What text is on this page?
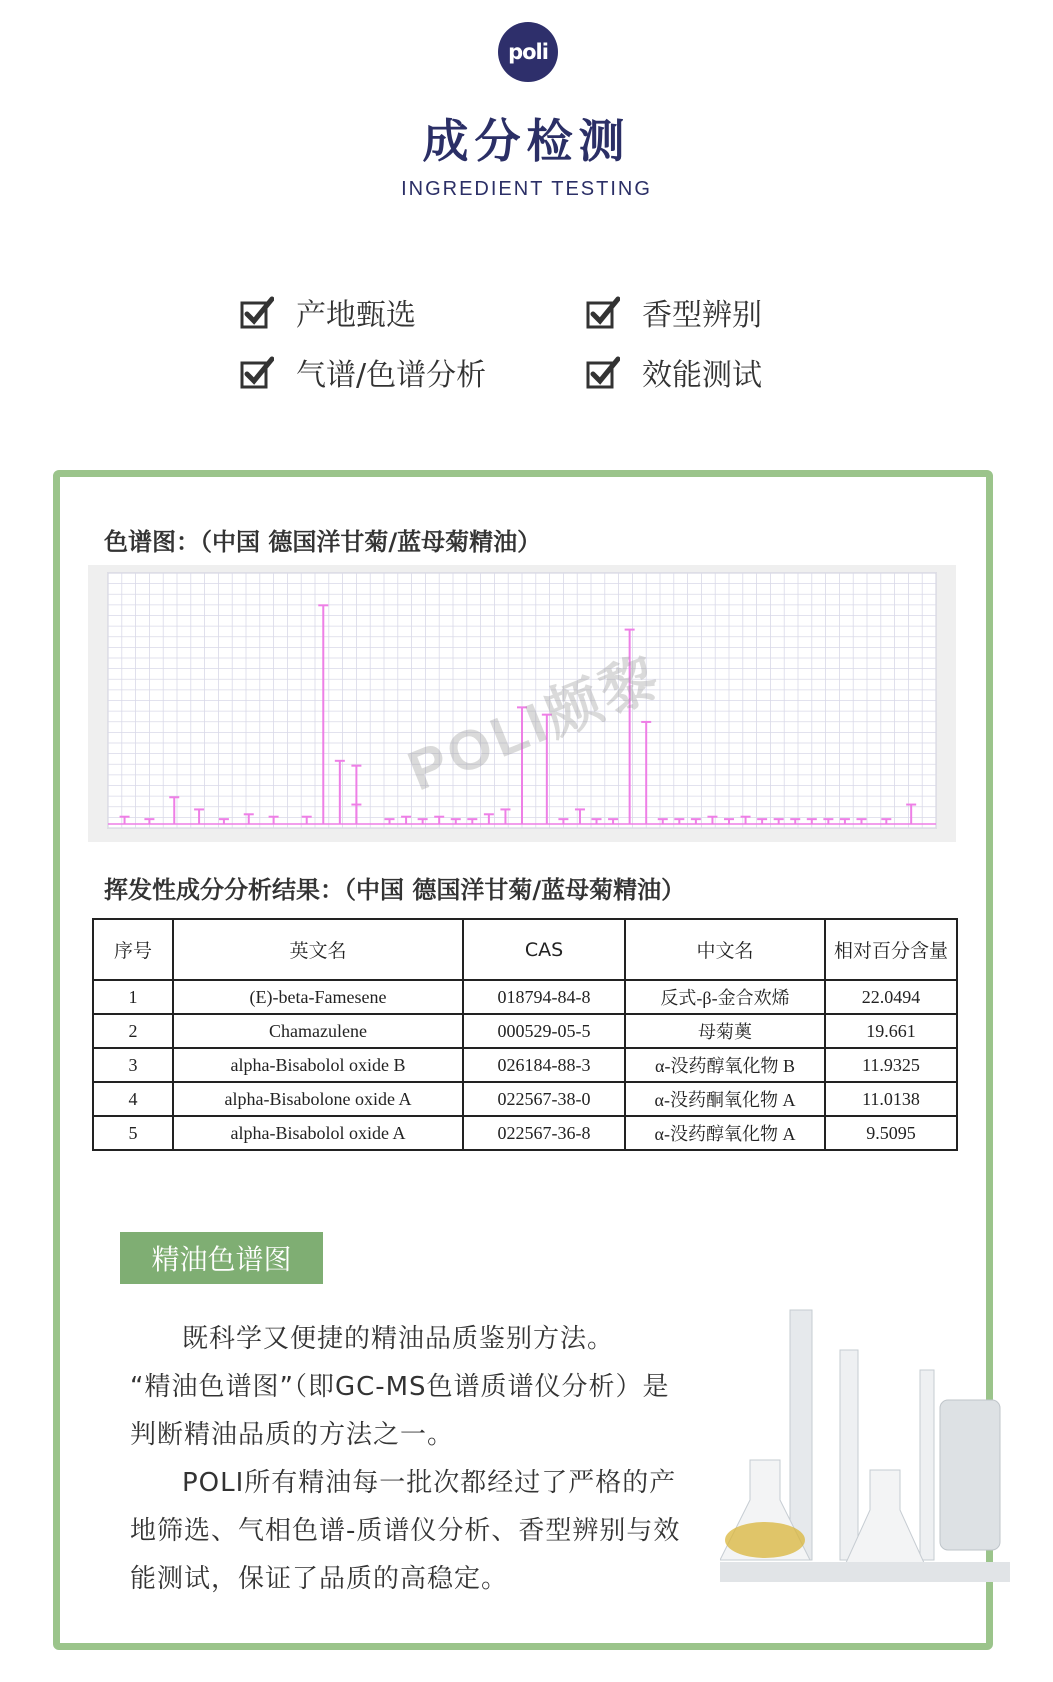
poli
成分检测
INGREDIENT TESTING
产地甄选	香型辨别
气谱/色谱分析	效能测试
色谱图：（中国 德国洋甘菊/蓝母菊精油）
POLI颇黎
挥发性成分分析结果：（中国 德国洋甘菊/蓝母菊精油）
序号	英文名	CAS	中文名	相对百分含量
1	(E)-beta-Famesene	018794-84-8	反式-β-金合欢烯	22.0494
2	Chamazulene	000529-05-5	母菊薁	19.661
3	alpha-Bisabolol oxide B	026184-88-3	α-没药醇氧化物 B	11.9325
4	alpha-Bisabolone oxide A	022567-38-0	α-没药酮氧化物 A	11.0138
5	alpha-Bisabolol oxide A	022567-36-8	α-没药醇氧化物 A	9.5095
精油色谱图

既科学又便捷的精油品质鉴别方法。

“精油色谱图”（即GC-MS色谱质谱仪分析）是判断精油品质的方法之一。

POLI所有精油每一批次都经过了严格的产地筛选、气相色谱-质谱仪分析、香型辨别与效能测试，保证了品质的高稳定。
